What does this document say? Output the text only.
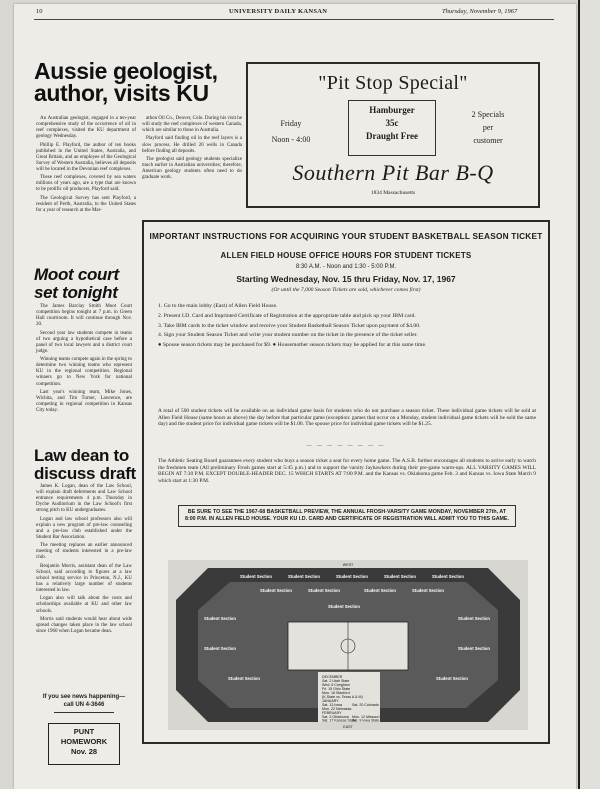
10	UNIVERSITY DAILY KANSAN	Thursday, November 9, 1967
Aussie geologist, author, visits KU

An Australian geologist, engaged in a ten-year comprehensive study of the occurrence of oil in reef complexes, visited the KU department of geology Wednesday.

Phillip E. Playford, the author of ten books published in the United States, Australia, and Great Britain, and an employee of the Geological Survey of Western Australia, believes all deposits will be located in the Devonian reef complexes.

These reef complexes, covered by sea waters millions of years ago, are a type that are known to be prolific oil producers, Playford said.

The Geological Survey has sent Playford, a resident of Perth, Australia, to the United States for a year of research at the Mar-

athon Oil Co., Denver, Colo. During his visit he will study the reef complexes of western Canada, which are similar to those in Australia.

Playford said finding oil in the reef layers is a slow process. He drilled 20 wells in Canada before finding all deposits.

The geologist said geology students specialize much earlier in Australian universities; therefore, American geology students often need to do graduate work.

Moot court set tonight

The James Barclay Smith Moot Court competition begins tonight at 7 p.m. in Green Hall courtroom. It will continue through Nov. 20.

Second year law students compete in teams of two arguing a hypothetical case before a panel of two local lawyers and a district court judge.

Winning teams compete again in the spring to determine two winning teams who represent KU in the regional competition. Regional winners go to New York for national competition.

Last year's winning team, Mike Jones, Wichita, and Tim Turner, Lawrence, are competing in regional competition in Kansas City today.

Law dean to discuss draft

James K. Logan, dean of the Law School, will explain draft deferments and Law School entrance requirements 4 p.m. Thursday in Dyche Auditorium in the Law School's first strong pitch to KU undergraduates.

Logan and law school professors also will explain a new program of pre-law counseling and a pre-law club established under the Student Bar Association.

The meeting replaces an earlier announced meeting of students interested in a pre-law club.

Benjamin Morris, assistant dean of the Law School, said according to figures at a law school testing service in Princeton, N.J., KU has a relatively large number of students interested in law.

Logan also will talk about the costs and scholarships available at KU and other law schools.

Morris said students would hear about wide spread changes taken place in the law school since 1960 when Logan became dean.

If you see news happening—
call UN 4-3646
PUNT
HOMEWORK
Nov. 28
"Pit Stop Special"
Friday
Noon - 4:00
Hamburger
35c
Draught Free
2 Specials
per
customer
Southern Pit Bar B-Q
1834 Massachusetts
IMPORTANT INSTRUCTIONS FOR ACQUIRING YOUR STUDENT BASKETBALL SEASON TICKET
ALLEN FIELD HOUSE OFFICE HOURS FOR STUDENT TICKETS
8:30 A.M. - Noon and 1:30 - 5:00 P.M.
Starting Wednesday, Nov. 15 thru Friday, Nov. 17, 1967
(Or until the 7,000 Season Tickets are sold, whichever comes first)
1. Go to the main lobby (East) of Allen Field House.
2. Present I.D. Card and Imprinted Certificate of Registration at the appropriate table and pick up your IBM card.
3. Take IBM cards to the ticket window and receive your Student Basketball Season Ticket upon payment of $4.00.
4. Sign your Student Season Ticket and write your student number on the ticket in the presence of the ticket seller.
● Spouse season tickets may be purchased for $9. ● Housemother season tickets may be applied for at this same time.
A total of 500 student tickets will be available on an individual game basis for students who do not purchase a season ticket. These individual game tickets will be sold at Allen Field House (same hours as above) the day before that particular game (exception: games that occur on a Monday, student individual game tickets will be sold the same day) and the student price for individual game tickets will be $1.00. The spouse price for individual game tickets will be $1.25.
— — — — — — — —
The Athletic Seating Board guarantees every student who buys a season ticket a seat for every home game. The A.S.B. further encourages all students to arrive early to watch the freshmen team (All preliminary Frosh games start at 5:45 p.m.) and to support the varsity Jayhawkers during their pre-game warm-ups. ALL VARSITY GAMES WILL BEGIN AT 7:30 P.M. EXCEPT DOUBLE-HEADER DEC. 15 WHICH STARTS AT 7:00 P.M. and the Kansas vs. Oklahoma game Feb. 3 and Kansas vs. Iowa State March 9 which start at 1:30 P.M.
BE SURE TO SEE THE 1967-68 BASKETBALL PREVIEW, THE ANNUAL FROSH-VARSITY GAME MONDAY, NOVEMBER 27th, AT 8:00 P.M. IN ALLEN FIELD HOUSE. YOUR KU I.D. CARD AND CERTIFICATE OF REGISTRATION WILL ADMIT YOU TO THIS GAME.
WEST
EAST
Student Section	Student Section	Student Section	Student Section	Student Section
Student Section	Student Section	Student Section	Student Section
Student Section
Student Section	Student Section
Student Section	Student Section
Student Section	Student Section
DECEMBER
Sat. 2 Utah State
Wed. 6 Creighton
Fri. 15 Ohio State
Mon. 18 Stanford
(K-State vs. Texas A & M)
JANUARY
Sat. 13 Iowa	Sat. 20 Colorado
Mon. 22 Nebraska
FEBRUARY
Sat. 3 Oklahoma Mon. 12 Missouri
Sat. 17 Kansas State
Sat. 9 Iowa State
